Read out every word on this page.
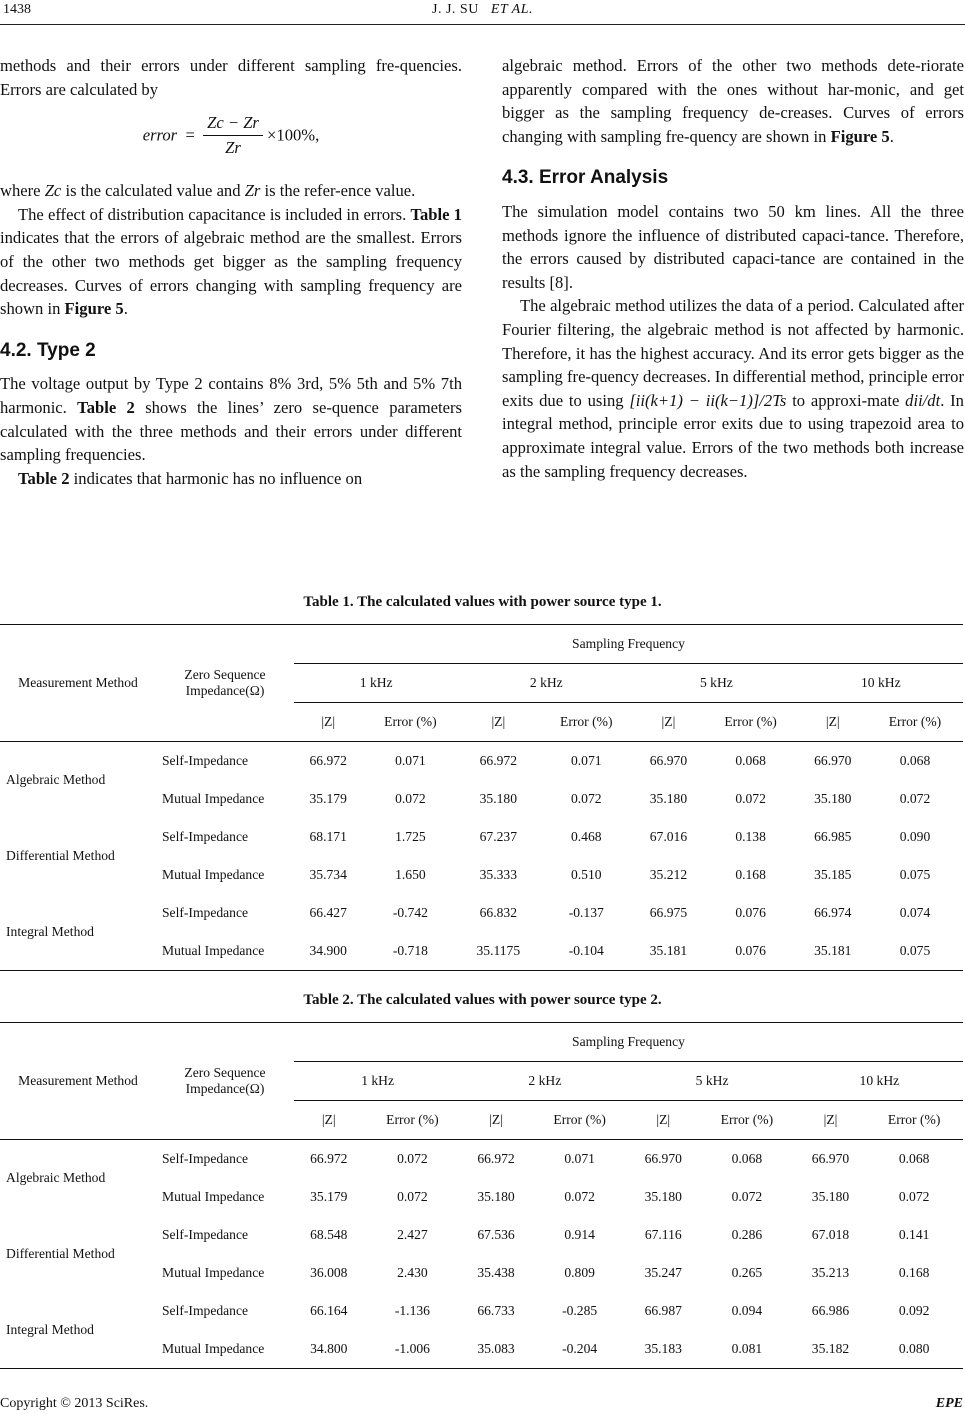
1438	J. J. SU ET AL.

methods and their errors under different sampling fre-quencies. Errors are calculated by

error  = $\frac{Zc - Zr}{Zr} \times 100\%$,

where Zc is the calculated value and Zr is the refer-ence value.

The effect of distribution capacitance is included in errors. Table 1 indicates that the errors of algebraic method are the smallest. Errors of the other two methods get bigger as the sampling frequency decreases. Curves of errors changing with sampling frequency are shown in Figure 5.

4.2. Type 2

The voltage output by Type 2 contains 8% 3rd, 5% 5th and 5% 7th harmonic. Table 2 shows the lines’ zero se-quence parameters calculated with the three methods and their errors under different sampling frequencies.

Table 2 indicates that harmonic has no influence on

algebraic method. Errors of the other two methods dete-riorate apparently compared with the ones without har-monic, and get bigger as the sampling frequency de-creases. Curves of errors changing with sampling fre-quency are shown in Figure 5.

4.3. Error Analysis

The simulation model contains two 50 km lines. All the three methods ignore the influence of distributed capaci-tance. Therefore, the errors caused by distributed capaci-tance are contained in the results [8].

The algebraic method utilizes the data of a period. Calculated after Fourier filtering, the algebraic method is not affected by harmonic. Therefore, it has the highest accuracy. And its error gets bigger as the sampling fre-quency decreases. In differential method, principle error exits due to using [ii(k+1) − ii(k−1)]/2Ts to approxi-mate dii/dt. In integral method, principle error exits due to using trapezoid area to approximate integral value. Errors of the two methods both increase as the sampling frequency decreases.

Table 1. The calculated values with power source type 1.
Measurement Method	Zero Sequence Impedance(Ω)	Sampling Frequency							
		1 kHz		2 kHz		5 kHz		10 kHz	
		|Z|	Error (%)	|Z|	Error (%)	|Z|	Error (%)	|Z|	Error (%)
Algebraic Method	Self-Impedance	66.972	0.071	66.972	0.071	66.970	0.068	66.970	0.068
	Mutual Impedance	35.179	0.072	35.180	0.072	35.180	0.072	35.180	0.072
Differential Method	Self-Impedance	68.171	1.725	67.237	0.468	67.016	0.138	66.985	0.090
	Mutual Impedance	35.734	1.650	35.333	0.510	35.212	0.168	35.185	0.075
Integral Method	Self-Impedance	66.427	-0.742	66.832	-0.137	66.975	0.076	66.974	0.074
	Mutual Impedance	34.900	-0.718	35.1175	-0.104	35.181	0.076	35.181	0.075
Table 2. The calculated values with power source type 2.
Measurement Method	Zero Sequence Impedance(Ω)	Sampling Frequency							
		1 kHz		2 kHz		5 kHz		10 kHz	
		|Z|	Error (%)	|Z|	Error (%)	|Z|	Error (%)	|Z|	Error (%)
Algebraic Method	Self-Impedance	66.972	0.072	66.972	0.071	66.970	0.068	66.970	0.068
	Mutual Impedance	35.179	0.072	35.180	0.072	35.180	0.072	35.180	0.072
Differential Method	Self-Impedance	68.548	2.427	67.536	0.914	67.116	0.286	67.018	0.141
	Mutual Impedance	36.008	2.430	35.438	0.809	35.247	0.265	35.213	0.168
Integral Method	Self-Impedance	66.164	-1.136	66.733	-0.285	66.987	0.094	66.986	0.092
	Mutual Impedance	34.800	-1.006	35.083	-0.204	35.183	0.081	35.182	0.080
Copyright © 2013 SciRes.	EPE
